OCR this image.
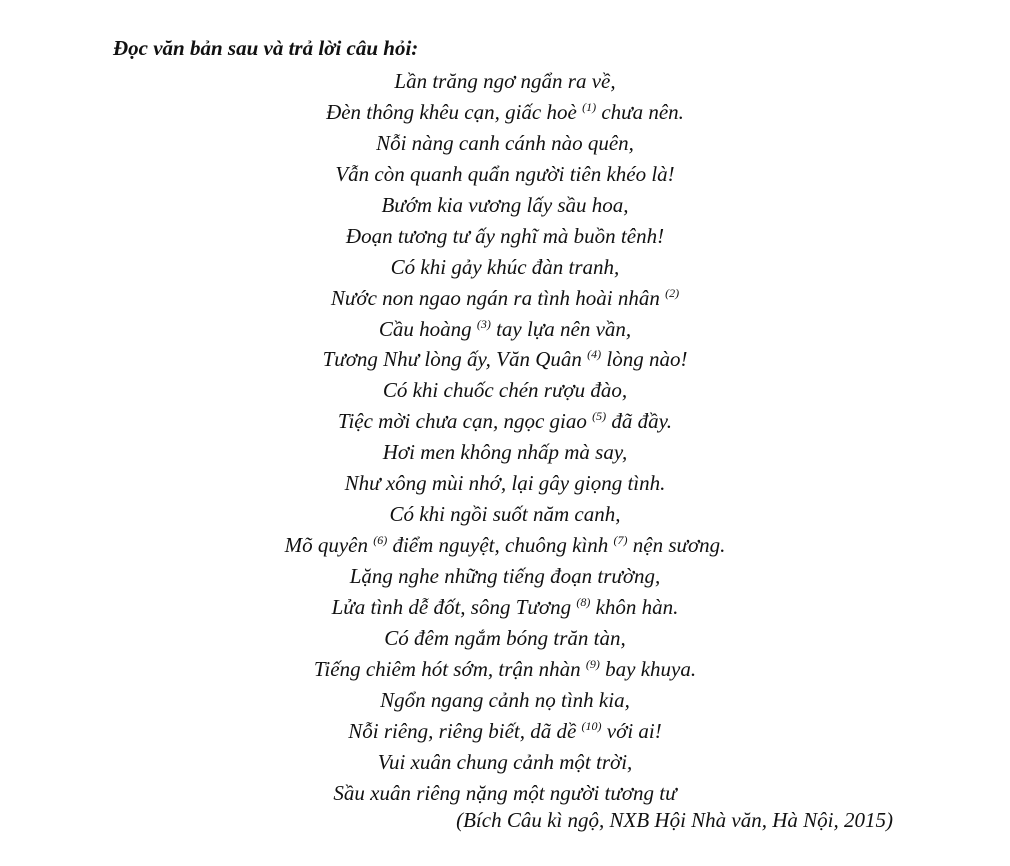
Đọc văn bản sau và trả lời câu hỏi:
Lần trăng ngơ ngẩn ra về,
Đèn thông khêu cạn, giấc hoè $^{(1)}$ chưa nên.
Nỗi nàng canh cánh nào quên,
Vẫn còn quanh quẩn người tiên khéo là!
Bướm kia vương lấy sầu hoa,
Đoạn tương tư ấy nghĩ mà buồn tênh!
Có khi gảy khúc đàn tranh,
Nước non ngao ngán ra tình hoài nhân $^{(2)}$
Cầu hoàng $^{(3)}$ tay lựa nên vần,
Tương Như lòng ấy, Văn Quân $^{(4)}$ lòng nào!
Có khi chuốc chén rượu đào,
Tiệc mời chưa cạn, ngọc giao $^{(5)}$ đã đầy.
Hơi men không nhấp mà say,
Như xông mùi nhớ, lại gây giọng tình.
Có khi ngồi suốt năm canh,
Mõ quyên $^{(6)}$ điểm nguyệt, chuông kình $^{(7)}$ nện sương.
Lặng nghe những tiếng đoạn trường,
Lửa tình dễ đốt, sông Tương $^{(8)}$ khôn hàn.
Có đêm ngắm bóng trăn tàn,
Tiếng chiêm hót sớm, trận nhàn $^{(9)}$ bay khuya.
Ngổn ngang cảnh nọ tình kia,
Nỗi riêng, riêng biết, dã dề $^{(10)}$ với ai!
Vui xuân chung cảnh một trời,
Sầu xuân riêng nặng một người tương tư
(Bích Câu kì ngộ, NXB Hội Nhà văn, Hà Nội, 2015)
